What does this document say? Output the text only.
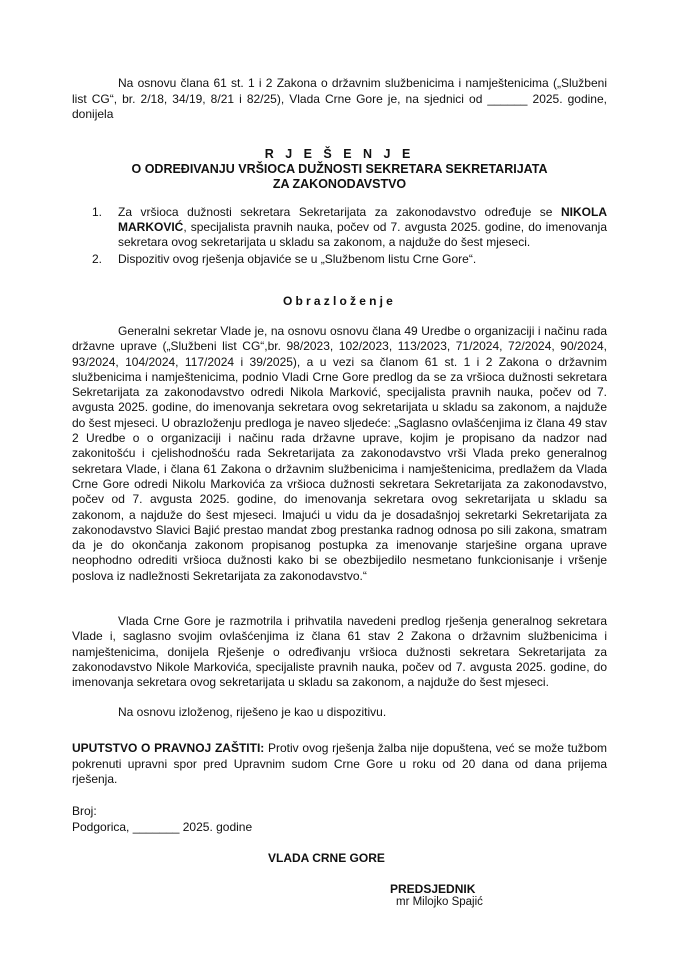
Na osnovu člana 61 st. 1 i 2 Zakona o državnim službenicima i namještenicima („Službeni list CG“, br. 2/18, 34/19, 8/21 i 82/25), Vlada Crne Gore je, na sjednici od ______ 2025. godine, donijela
R J E Š E N J E
O ODREĐIVANJU VRŠIOCA DUŽNOSTI SEKRETARA SEKRETARIJATA
ZA ZAKONODAVSTVO
1. Za vršioca dužnosti sekretara Sekretarijata za zakonodavstvo određuje se NIKOLA MARKOVIĆ, specijalista pravnih nauka, počev od 7. avgusta 2025. godine, do imenovanja sekretara ovog sekretarijata u skladu sa zakonom, a najduže do šest mjeseci.
2. Dispozitiv ovog rješenja objaviće se u „Službenom listu Crne Gore“.
Obrazloženje
Generalni sekretar Vlade je, na osnovu osnovu člana 49 Uredbe o organizaciji i načinu rada državne uprave („Službeni list CG“,br. 98/2023, 102/2023, 113/2023, 71/2024, 72/2024, 90/2024, 93/2024, 104/2024, 117/2024 i 39/2025), a u vezi sa članom 61 st. 1 i 2 Zakona o državnim službenicima i namještenicima, podnio Vladi Crne Gore predlog da se za vršioca dužnosti sekretara Sekretarijata za zakonodavstvo odredi Nikola Marković, specijalista pravnih nauka, počev od 7. avgusta 2025. godine, do imenovanja sekretara ovog sekretarijata u skladu sa zakonom, a najduže do šest mjeseci. U obrazloženju predloga je naveo sljedeće: „Saglasno ovlašćenjima iz člana 49 stav 2 Uredbe o o organizaciji i načinu rada državne uprave, kojim je propisano da nadzor nad zakonitošću i cjelishodnošću rada Sekretarijata za zakonodavstvo vrši Vlada preko generalnog sekretara Vlade, i člana 61 Zakona o državnim službenicima i namještenicima, predlažem da Vlada Crne Gore odredi Nikolu Markovića za vršioca dužnosti sekretara Sekretarijata za zakonodavstvo, počev od 7. avgusta 2025. godine, do imenovanja sekretara ovog sekretarijata u skladu sa zakonom, a najduže do šest mjeseci. Imajući u vidu da je dosadašnjoj sekretarki Sekretarijata za zakonodavstvo Slavici Bajić prestao mandat zbog prestanka radnog odnosa po sili zakona, smatram da je do okončanja zakonom propisanog postupka za imenovanje starješine organa uprave neophodno odrediti vršioca dužnosti kako bi se obezbijedilo nesmetano funkcionisanje i vršenje poslova iz nadležnosti Sekretarijata za zakonodavstvo.“
Vlada Crne Gore je razmotrila i prihvatila navedeni predlog rješenja generalnog sekretara Vlade i, saglasno svojim ovlašćenjima iz člana 61 stav 2 Zakona o državnim službenicima i namještenicima, donijela Rješenje o određivanju vršioca dužnosti sekretara Sekretarijata za zakonodavstvo Nikole Markovića, specijaliste pravnih nauka, počev od 7. avgusta 2025. godine, do imenovanja sekretara ovog sekretarijata u skladu sa zakonom, a najduže do šest mjeseci.
Na osnovu izloženog, riješeno je kao u dispozitivu.
UPUTSTVO O PRAVNOJ ZAŠTITI: Protiv ovog rješenja žalba nije dopuštena, već se može tužbom pokrenuti upravni spor pred Upravnim sudom Crne Gore u roku od 20 dana od dana prijema rješenja.
Broj:
Podgorica, _______ 2025. godine
VLADA CRNE GORE
PREDSJEDNIK
mr Milojko Spajić
